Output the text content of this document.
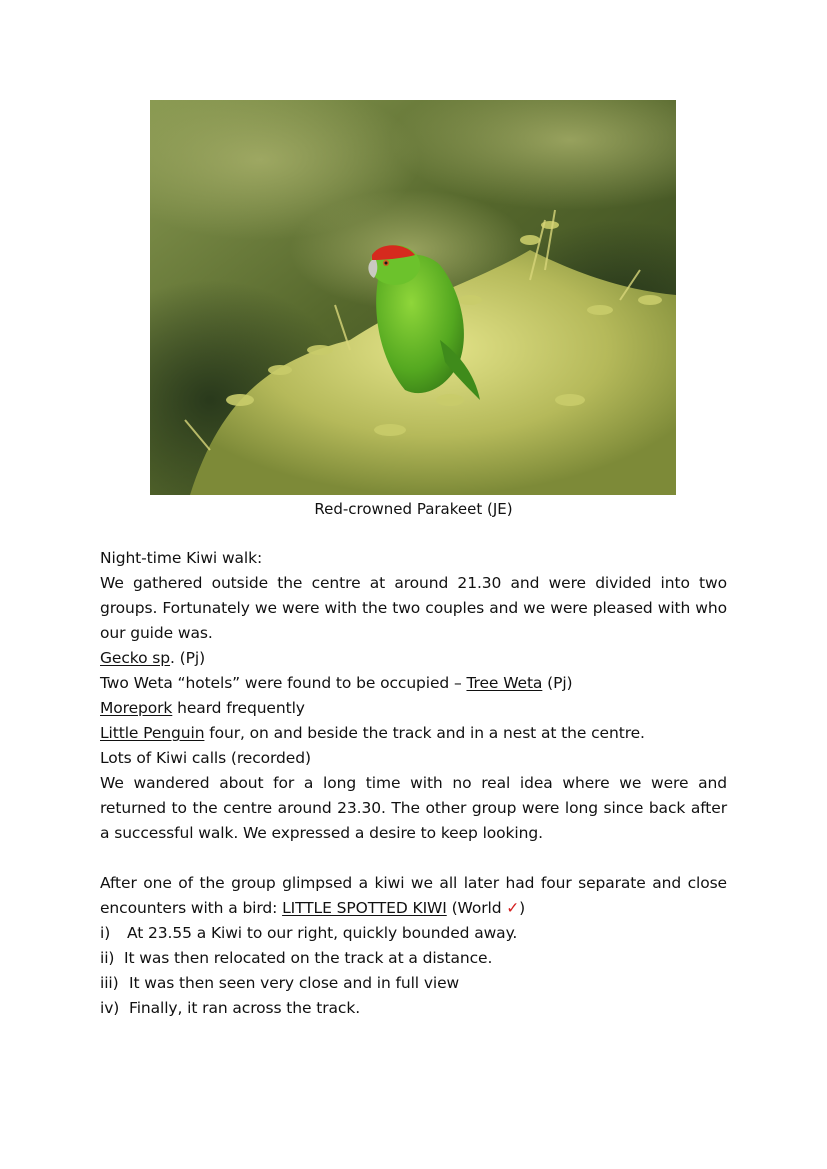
Red-crowned Parakeet (JE)
Night-time Kiwi walk:
We gathered outside the centre at around 21.30 and were divided into two groups. Fortunately we were with the two couples and we were pleased with who our guide was.
Gecko sp. (Pj)
Two Weta “hotels” were found to be occupied – Tree Weta (Pj)
Morepork heard frequently
Little Penguin four, on and beside the track and in a nest at the centre.
Lots of Kiwi calls (recorded)
We wandered about for a long time with no real idea where we were and returned to the centre around 23.30. The other group were long since back after a successful walk. We expressed a desire to keep looking.
After one of the group glimpsed a kiwi we all later had four separate and close encounters with a bird: LITTLE SPOTTED KIWI (World ✓)
i) At 23.55 a Kiwi to our right, quickly bounded away.
ii) It was then relocated on the track at a distance.
iii) It was then seen very close and in full view
iv) Finally, it ran across the track.
